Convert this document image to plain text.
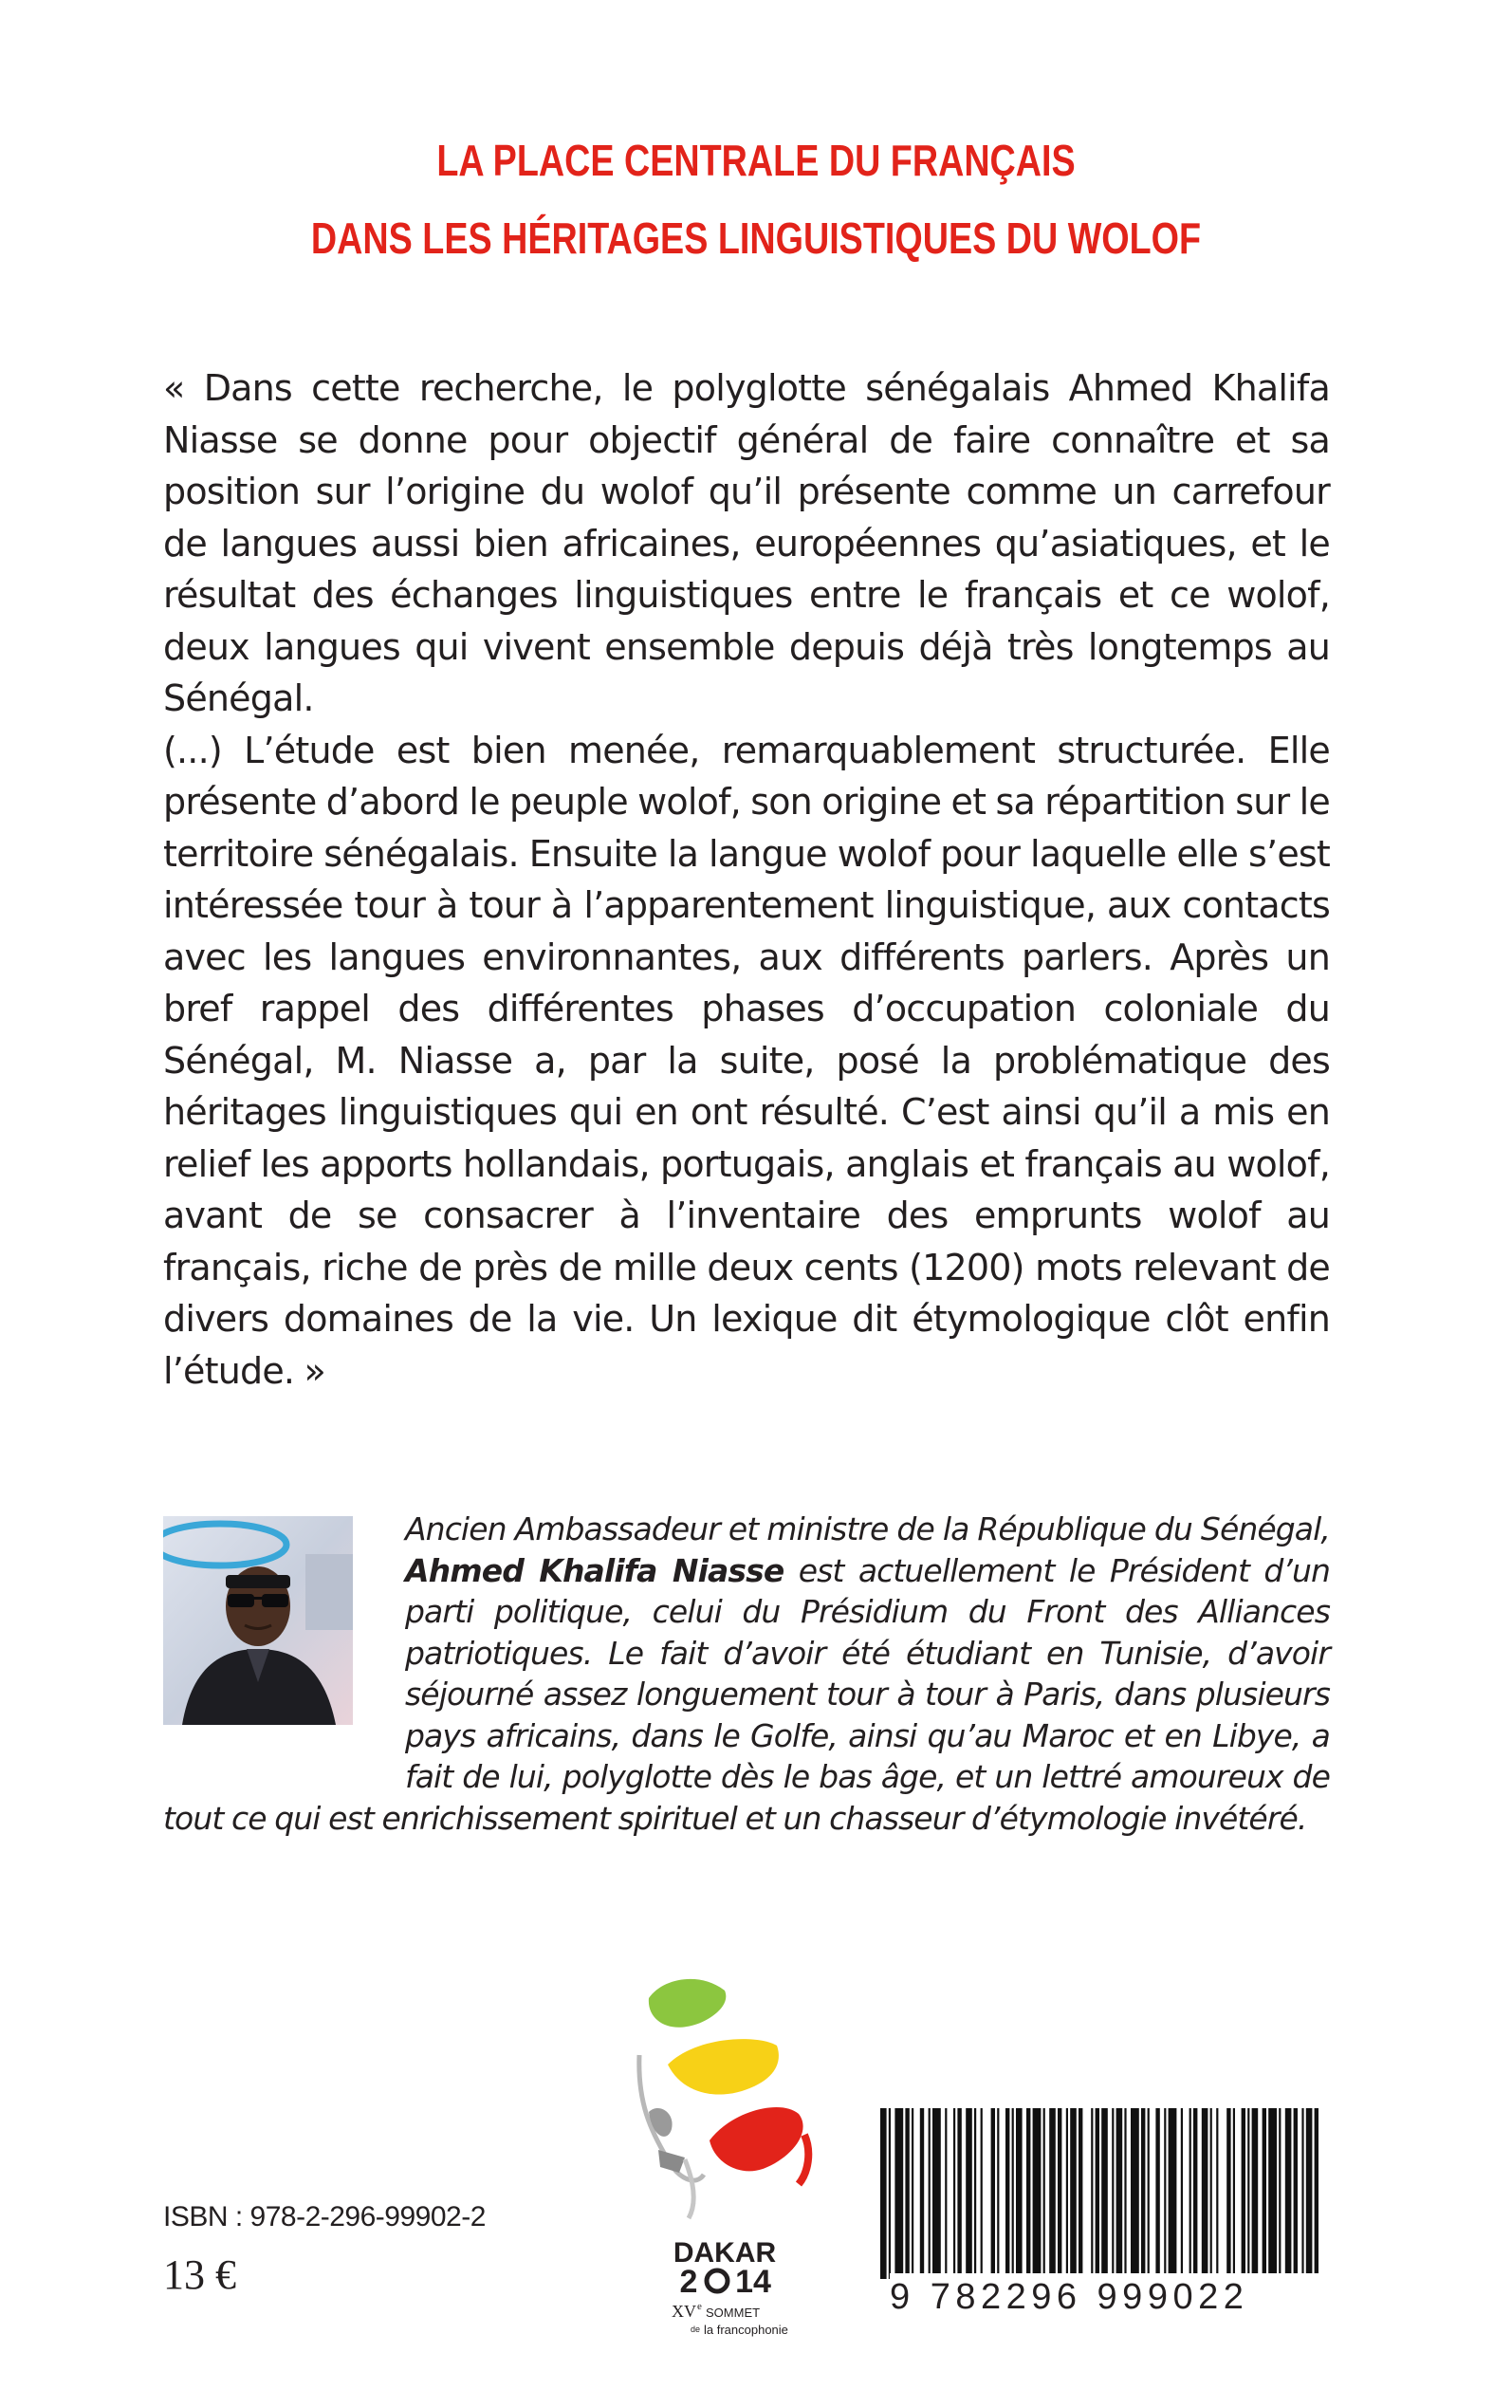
LA PLACE CENTRALE DU FRANÇAIS
DANS LES HÉRITAGES LINGUISTIQUES DU WOLOF

« Dans cette recherche, le polyglotte sénégalais Ahmed Khalifa Niasse se donne pour objectif général de faire connaître et sa position sur l’origine du wolof qu’il présente comme un carrefour de langues aussi bien africaines, européennes qu’asiatiques, et le résultat des échanges linguistiques entre le français et ce wolof, deux langues qui vivent ensemble depuis déjà très longtemps au Sénégal.

(...) L’étude est bien menée, remarquablement structurée. Elle présente d’abord le peuple wolof, son origine et sa répartition sur le territoire sénégalais. Ensuite la langue wolof pour laquelle elle s’est intéressée tour à tour à l’apparentement linguistique, aux contacts avec les langues environnantes, aux différents parlers. Après un bref rappel des différentes phases d’occupation coloniale du Sénégal, M. Niasse a, par la suite, posé la problématique des héritages linguistiques qui en ont résulté. C’est ainsi qu’il a mis en relief les apports hollandais, portugais, anglais et français au wolof, avant de se consacrer à l’inventaire des emprunts wolof au français, riche de près de mille deux cents (1200) mots relevant de divers domaines de la vie. Un lexique dit étymologique clôt enfin l’étude. »

Ancien Ambassadeur et ministre de la République du Sénégal, Ahmed Khalifa Niasse est actuellement le Président d’un parti politique, celui du Présidium du Front des Alliances patriotiques. Le fait d’avoir été étudiant en Tunisie, d’avoir séjourné assez longuement tour à tour à Paris, dans plusieurs pays africains, dans le Golfe, ainsi qu’au Maroc et en Libye, a fait de lui, polyglotte dès le bas âge, et un lettré amoureux de tout ce qui est enrichissement spirituel et un chasseur d’étymologie invétéré.
DAKAR
2 14
XV e SOMMET
de la francophonie

ISBN : 978-2-296-99902-2

13 €	9 782296 999022
